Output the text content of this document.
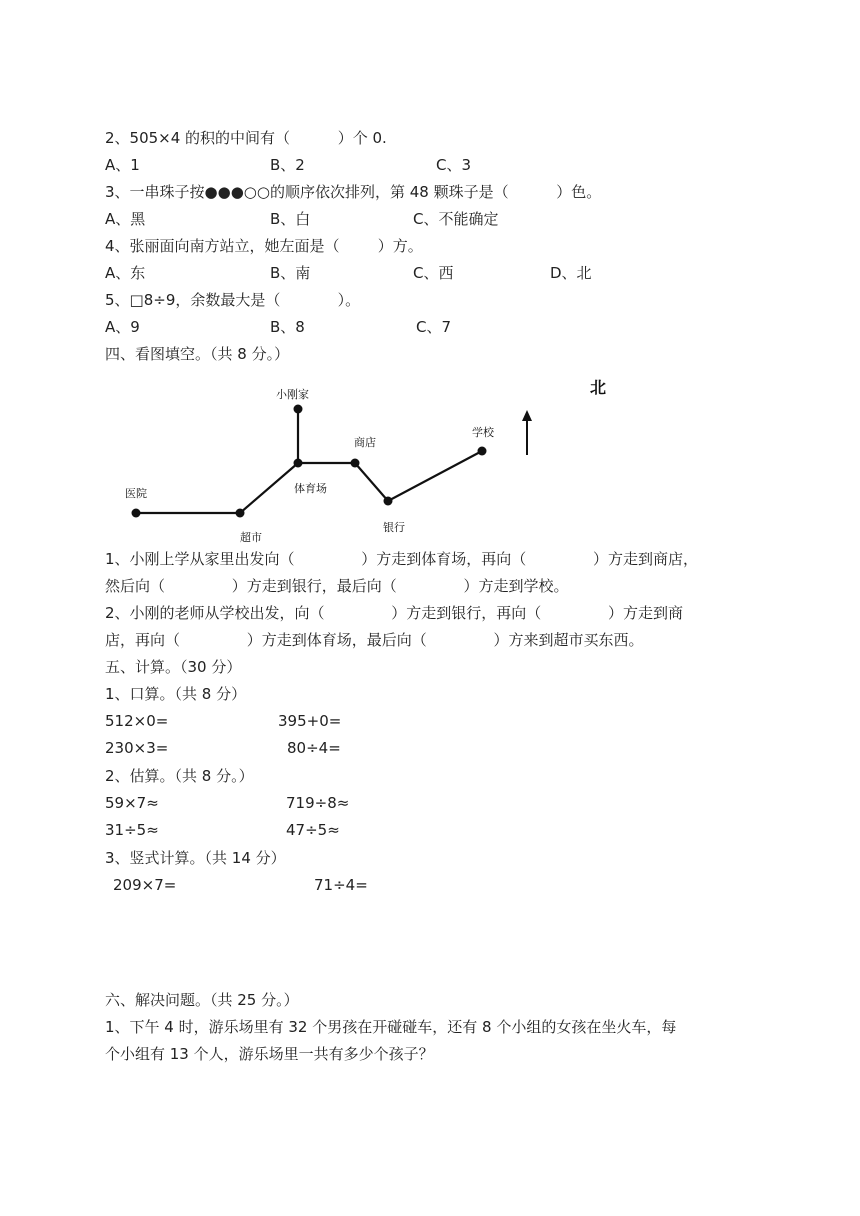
2、505×4 的积的中间有（          ）个 0.
A、1	B、2	C、3
3、一串珠子按●●●○○的顺序依次排列，第 48 颗珠子是（          ）色。
A、黑	B、白	C、不能确定
4、张丽面向南方站立，她左面是（        ）方。
A、东	B、南	C、西	D、北
5、□8÷9，余数最大是（            ）。
A、9	B、8	C、7
四、看图填空。（共 8 分。）
北
小刚家
医院
超市
体育场
商店
银行
学校
1、小刚上学从家里出发向（              ）方走到体育场，再向（              ）方走到商店，
然后向（              ）方走到银行，最后向（              ）方走到学校。
2、小刚的老师从学校出发，向（              ）方走到银行，再向（              ）方走到商
店，再向（              ）方走到体育场，最后向（              ）方来到超市买东西。
五、计算。（30 分）
1、口算。（共 8 分）
512×0=	395+0=
230×3=	80÷4=
2、估算。（共 8 分。）
59×7≈	719÷8≈
31÷5≈	47÷5≈
3、竖式计算。（共 14 分）
209×7=	71÷4=
六、解决问题。（共 25 分。）
1、下午 4 时，游乐场里有 32 个男孩在开碰碰车，还有 8 个小组的女孩在坐火车，每
个小组有 13 个人，游乐场里一共有多少个孩子？
